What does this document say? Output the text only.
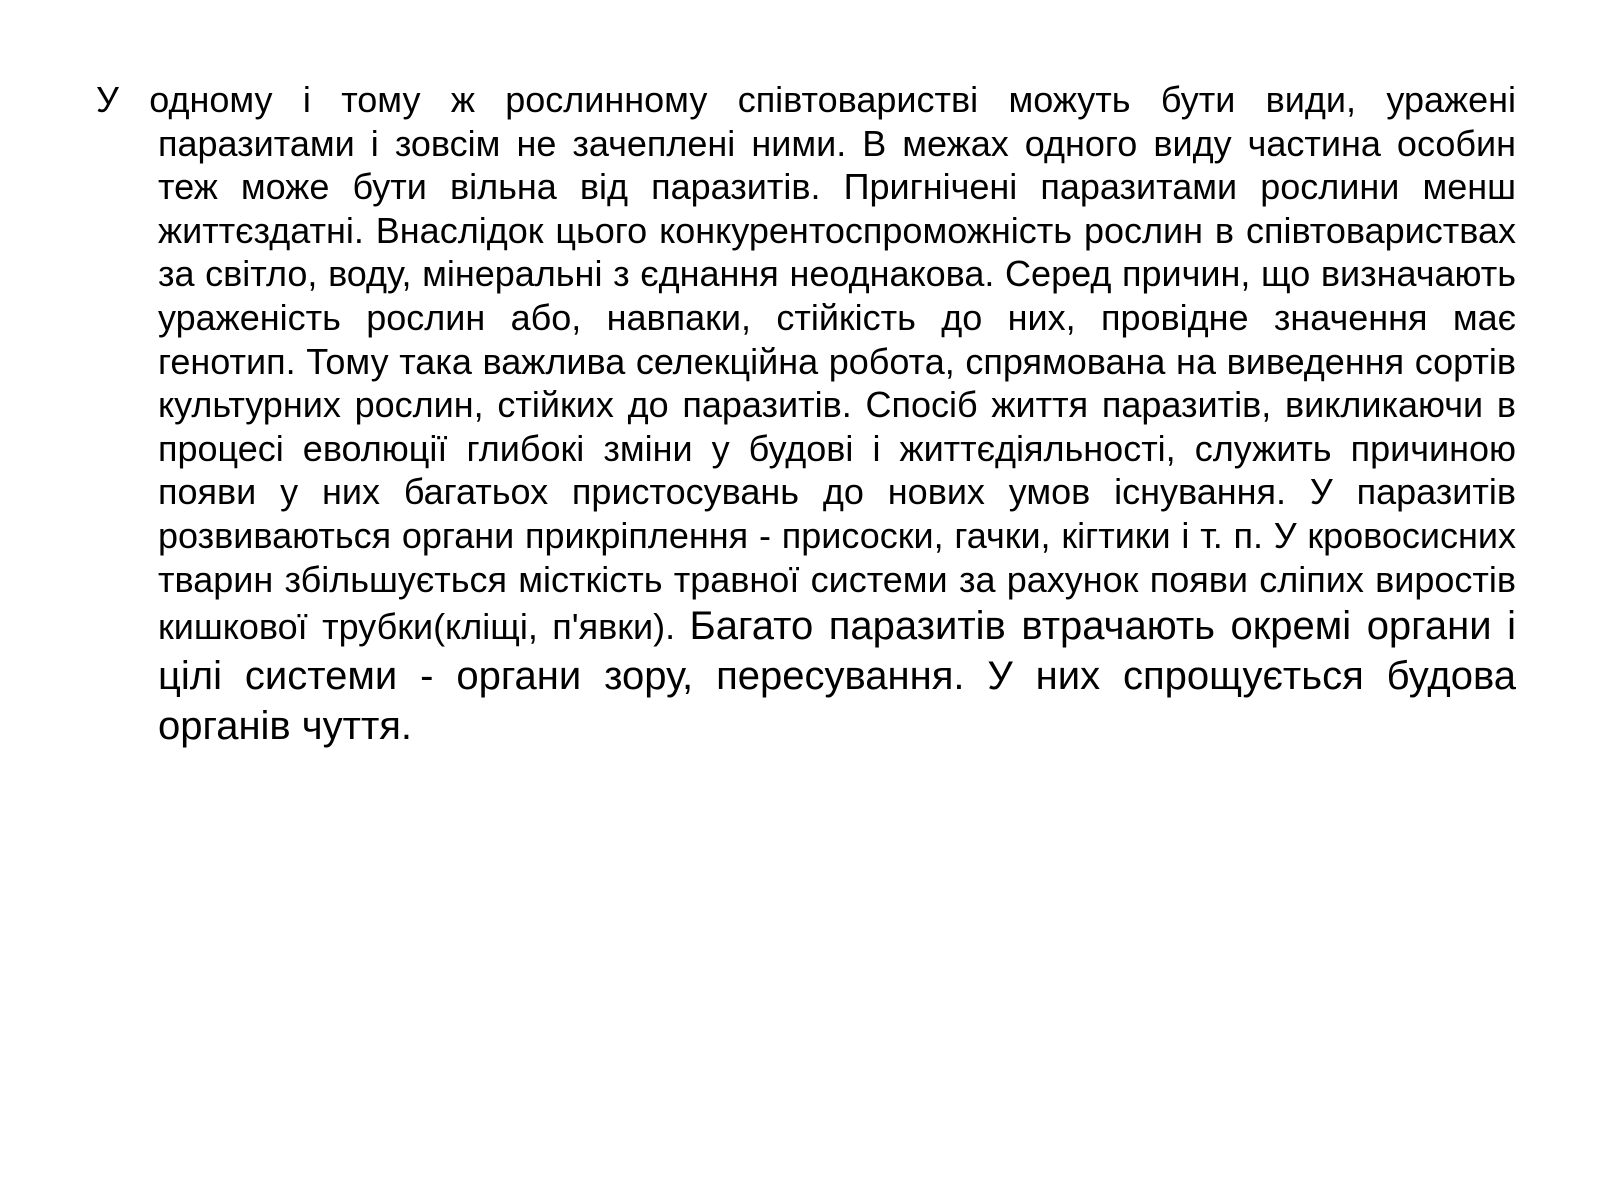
У одному і тому ж рослинному співтоваристві можуть бути види, уражені паразитами і зовсім не зачеплені ними. В межах одного виду частина особин теж може бути вільна від паразитів. Пригнічені паразитами рослини менш життєздатні. Внаслідок цього конкурентоспроможність рослин в співтовариствах за світло, воду, мінеральні з єднання неоднакова. Серед причин, що визначають ураженість рослин або, навпаки, стійкість до них, провідне значення має генотип. Тому така важлива селекційна робота, спрямована на виведення сортів культурних рослин, стійких до паразитів. Спосіб життя паразитів, викликаючи в процесі еволюції глибокі зміни у будові і життєдіяльності, служить причиною появи у них багатьох пристосувань до нових умов існування. У паразитів розвиваються органи прикріплення - присоски, гачки, кігтики і т. п. У кровосисних тварин збільшується місткість травної системи за рахунок появи сліпих виростів кишкової трубки(кліщі, п'явки). Багато паразитів втрачають окремі органи і цілі системи - органи зору, пересування. У них спрощується будова органів чуття.
